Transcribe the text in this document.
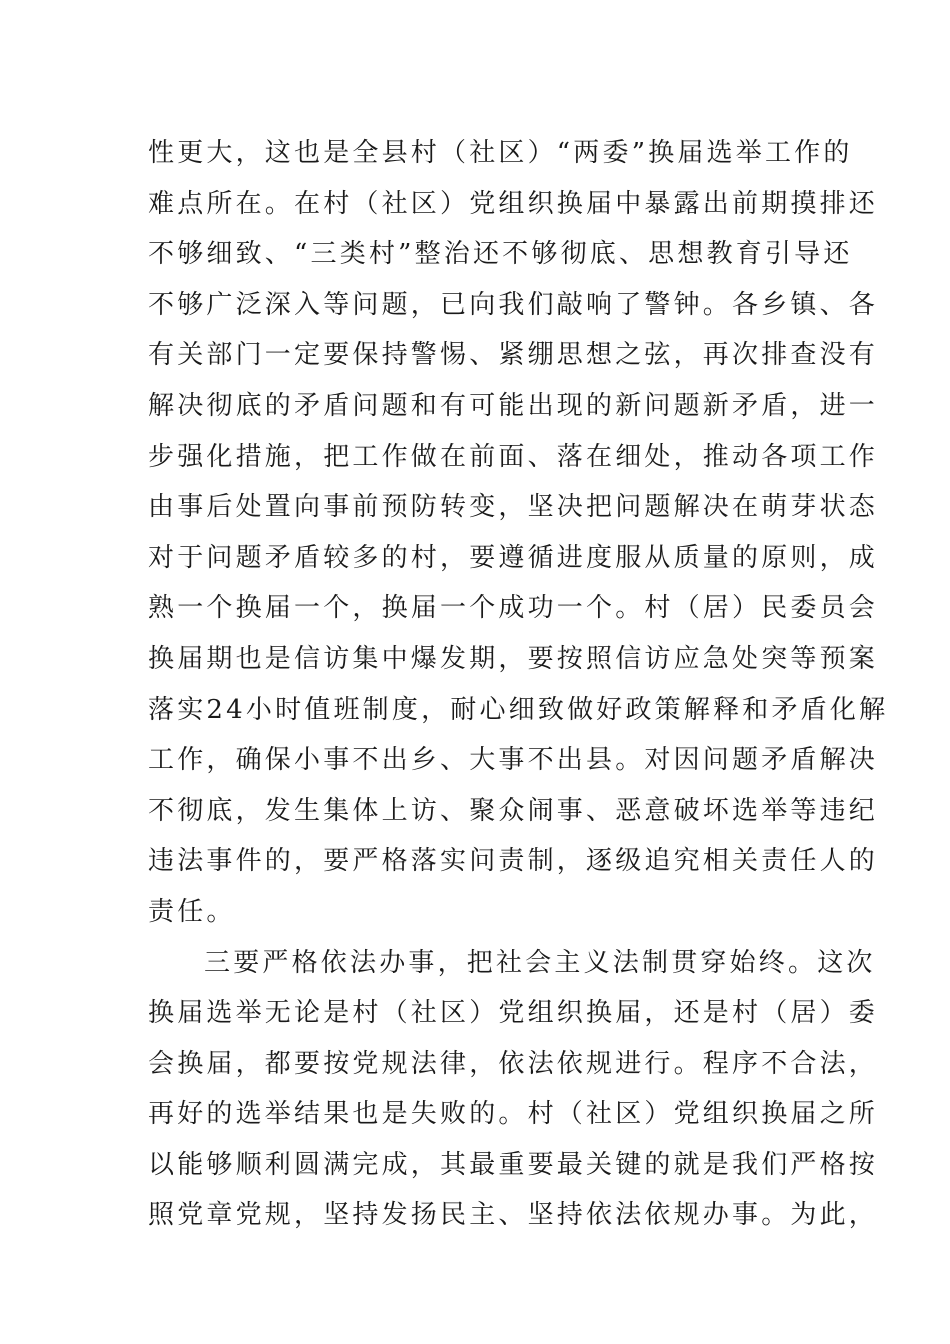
性更大，这也是全县村（社区）“两委”换届选举工作的
难点所在。在村（社区）党组织换届中暴露出前期摸排还
不够细致、“三类村”整治还不够彻底、思想教育引导还
不够广泛深入等问题，已向我们敲响了警钟。各乡镇、各
有关部门一定要保持警惕、紧绷思想之弦，再次排查没有
解决彻底的矛盾问题和有可能出现的新问题新矛盾，进一
步强化措施，把工作做在前面、落在细处，推动各项工作
由事后处置向事前预防转变，坚决把问题解决在萌芽状态
对于问题矛盾较多的村，要遵循进度服从质量的原则，成
熟一个换届一个，换届一个成功一个。村（居）民委员会
换届期也是信访集中爆发期，要按照信访应急处突等预案
落实24小时值班制度，耐心细致做好政策解释和矛盾化解
工作，确保小事不出乡、大事不出县。对因问题矛盾解决
不彻底，发生集体上访、聚众闹事、恶意破坏选举等违纪
违法事件的，要严格落实问责制，逐级追究相关责任人的
责任。
三要严格依法办事，把社会主义法制贯穿始终。这次
换届选举无论是村（社区）党组织换届，还是村（居）委
会换届，都要按党规法律，依法依规进行。程序不合法，
再好的选举结果也是失败的。村（社区）党组织换届之所
以能够顺利圆满完成，其最重要最关键的就是我们严格按
照党章党规，坚持发扬民主、坚持依法依规办事。为此，
